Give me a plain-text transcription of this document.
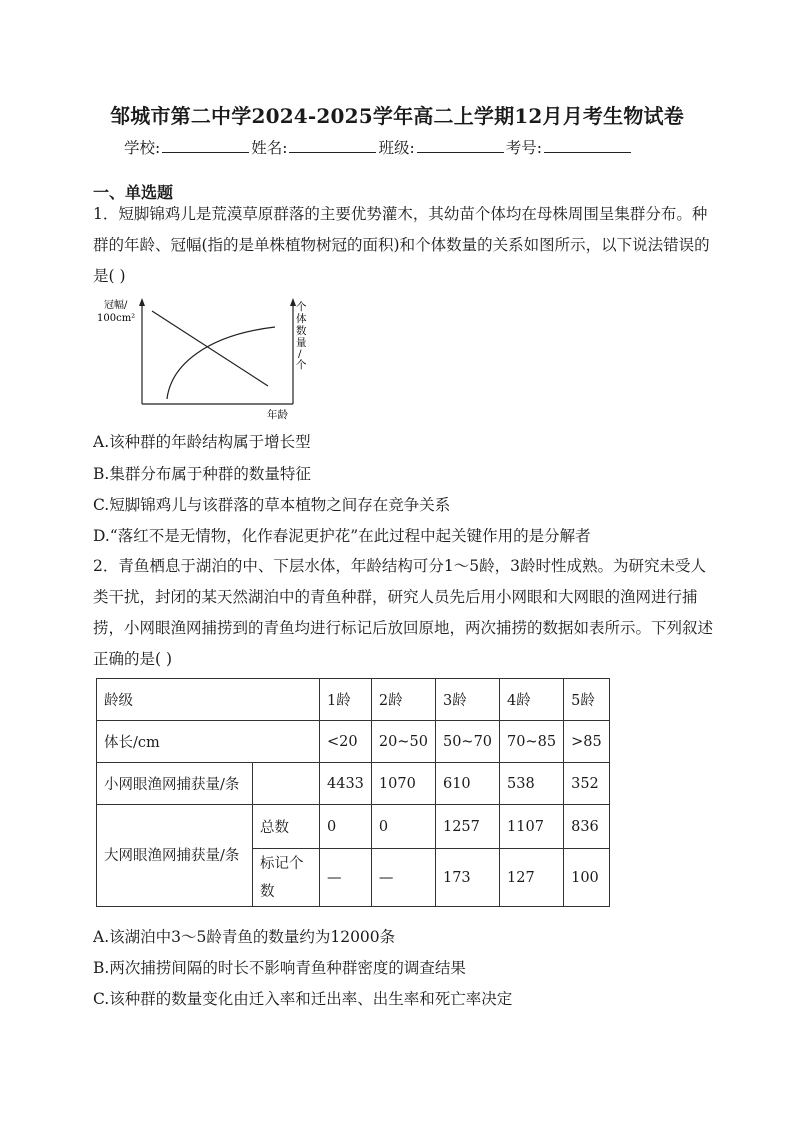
邹城市第二中学2024-2025学年高二上学期12月月考生物试卷
学校:	姓名:	班级:	考号:
一、单选题
1．短脚锦鸡儿是荒漠草原群落的主要优势灌木，其幼苗个体均在母株周围呈集群分布。种群的年龄、冠幅(指的是单株植物树冠的面积)和个体数量的关系如图所示，以下说法错误的是( )
冠幅/
100cm²
个
体
数
量
/
个
年龄
A.该种群的年龄结构属于增长型
B.集群分布属于种群的数量特征
C.短脚锦鸡儿与该群落的草本植物之间存在竞争关系
D.“落红不是无情物，化作春泥更护花”在此过程中起关键作用的是分解者
2．青鱼栖息于湖泊的中、下层水体，年龄结构可分1～5龄，3龄时性成熟。为研究未受人类干扰，封闭的某天然湖泊中的青鱼种群，研究人员先后用小网眼和大网眼的渔网进行捕捞，小网眼渔网捕捞到的青鱼均进行标记后放回原地，两次捕捞的数据如表所示。下列叙述正确的是( )
龄级		1龄	2龄	3龄	4龄	5龄
体长/cm		<20	20~50	50~70	70~85	>85
小网眼渔网捕获量/条		4433	1070	610	538	352
大网眼渔网捕获量/条	总数	0	0	1257	1107	836
	标记个数	—	—	173	127	100
A.该湖泊中3～5龄青鱼的数量约为12000条
B.两次捕捞间隔的时长不影响青鱼种群密度的调查结果
C.该种群的数量变化由迁入率和迁出率、出生率和死亡率决定
